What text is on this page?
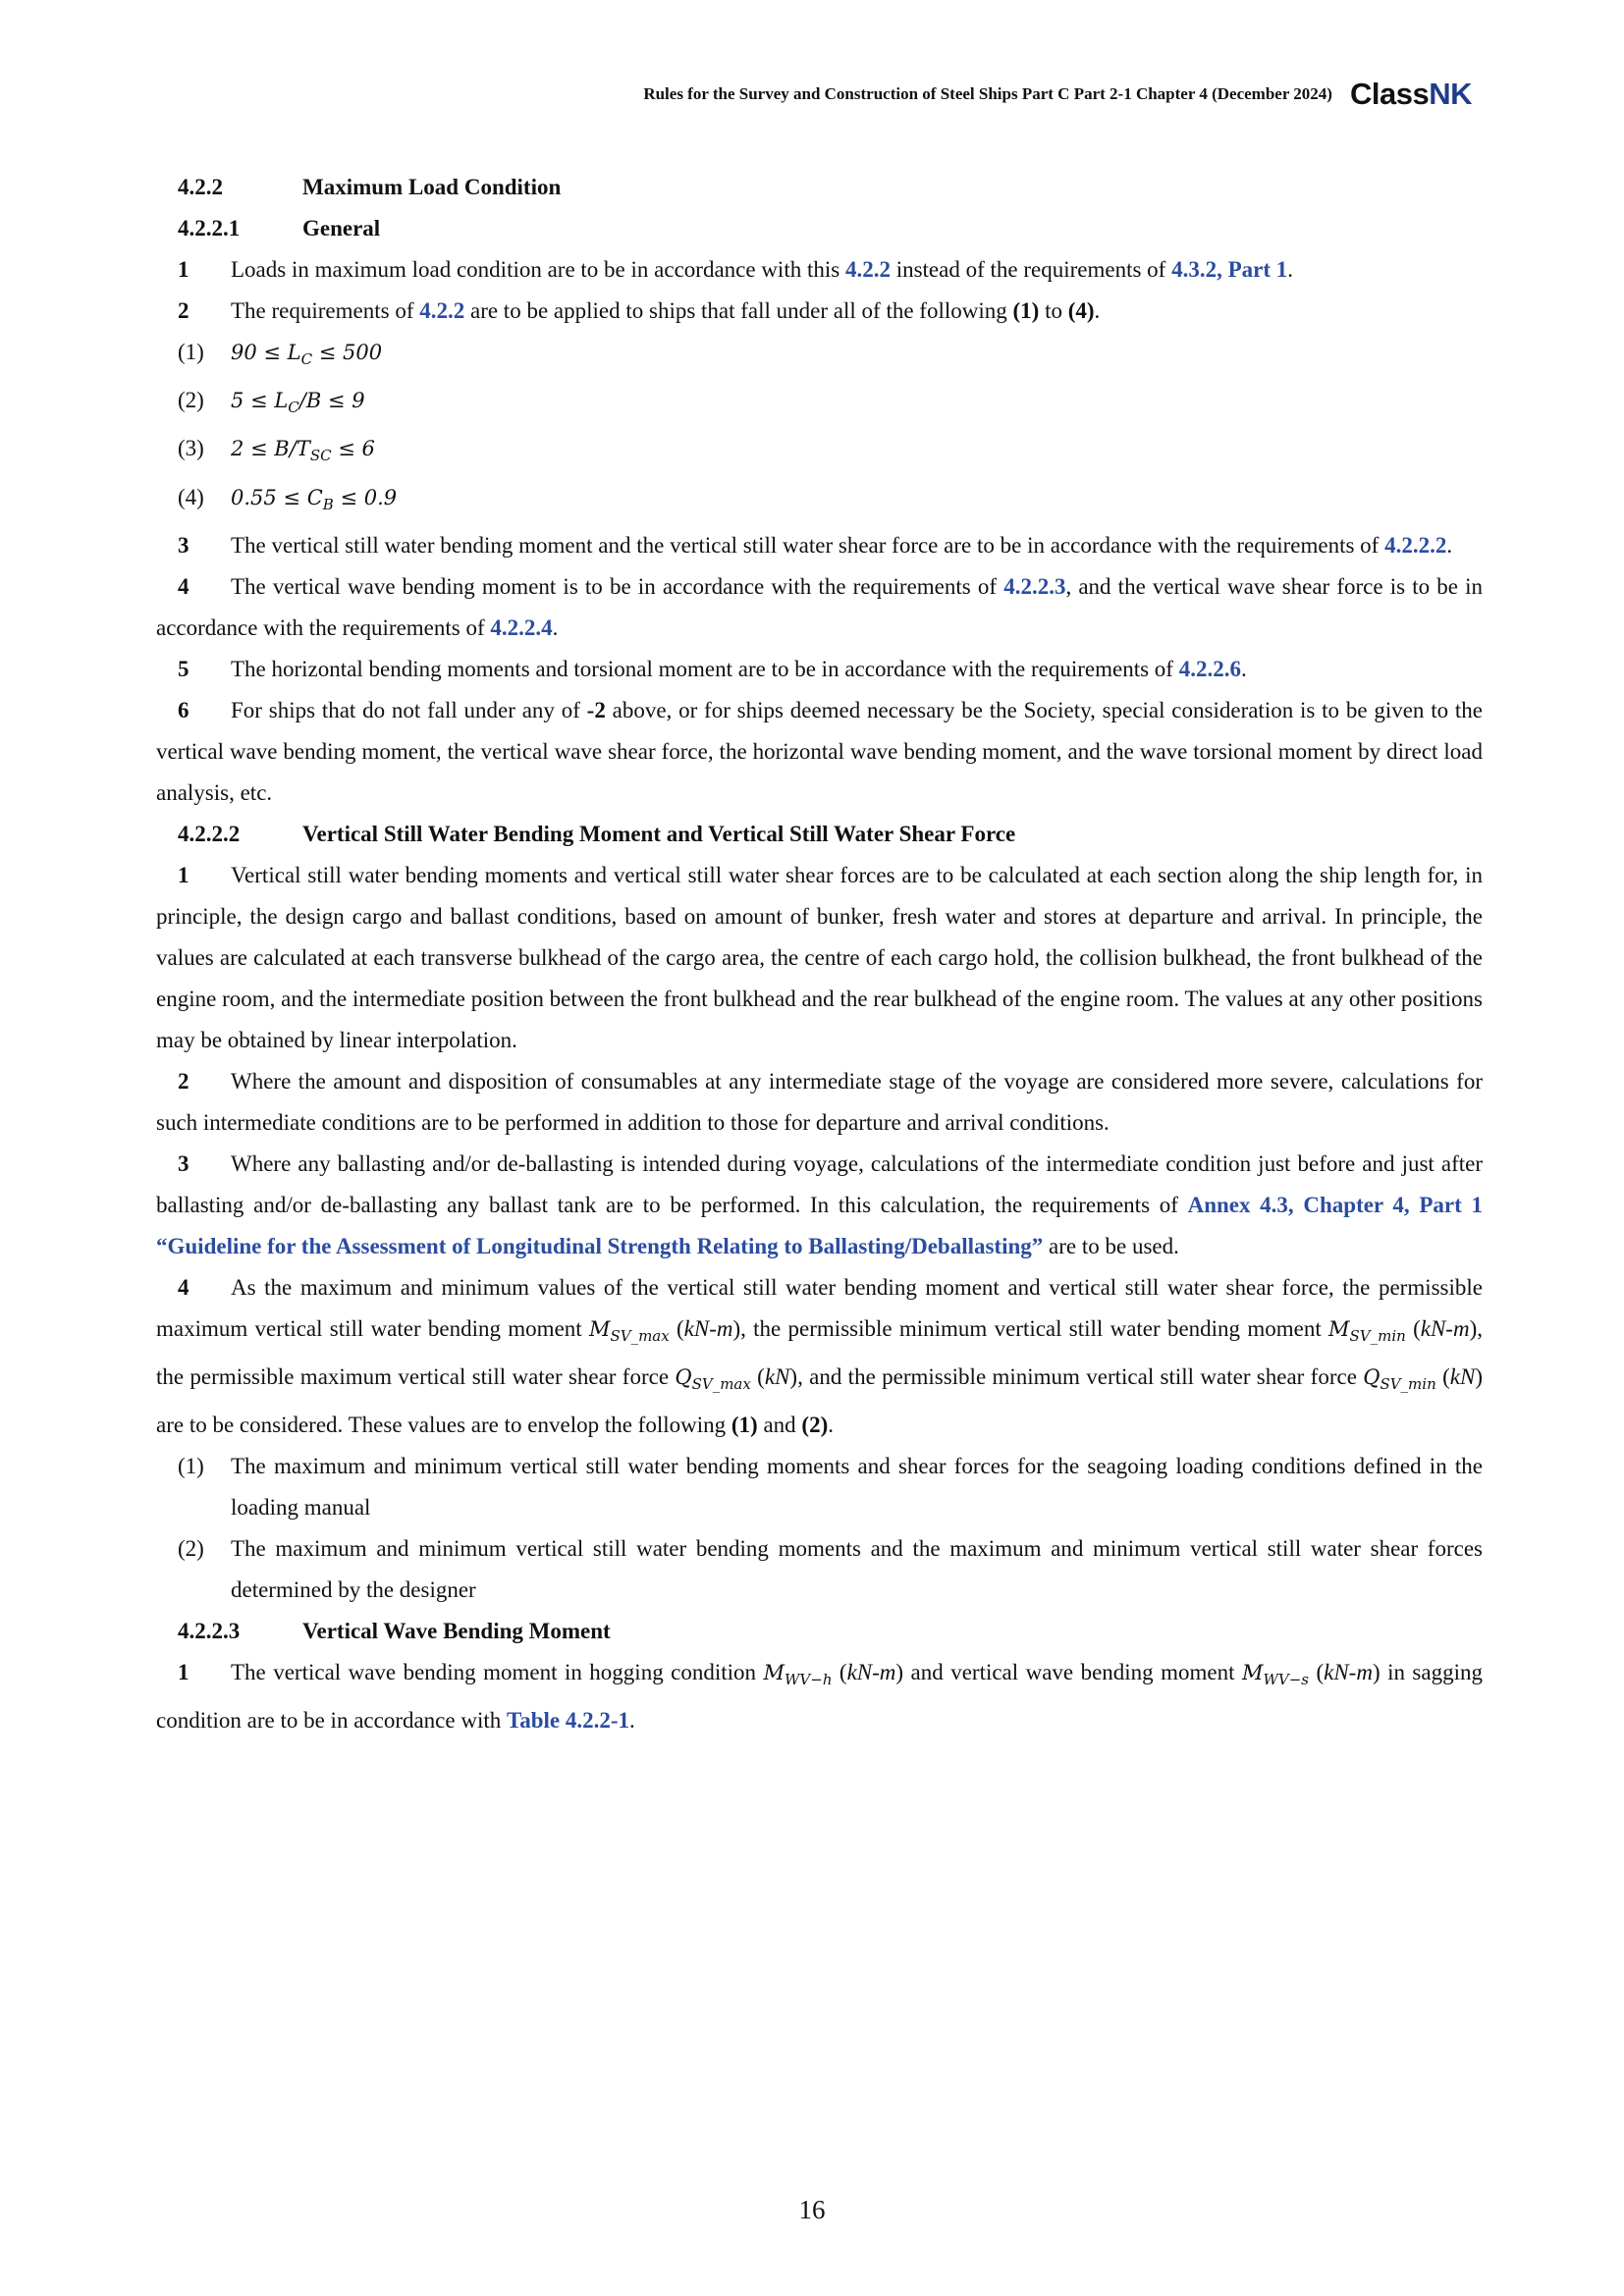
Rules for the Survey and Construction of Steel Ships Part C Part 2-1 Chapter 4 (December 2024) ClassNK

4.2.2	Maximum Load Condition

4.2.2.1	General

1 Loads in maximum load condition are to be in accordance with this 4.2.2 instead of the requirements of 4.3.2, Part 1.

2 The requirements of 4.2.2 are to be applied to ships that fall under all of the following (1) to (4).

(1) $90 \le L_C \le 500$

(2) $5 \le L_C/B \le 9$

(3) $2 \le B/T_{SC} \le 6$

(4) $0.55 \le C_B \le 0.9$

3 The vertical still water bending moment and the vertical still water shear force are to be in accordance with the requirements of 4.2.2.2.

4 The vertical wave bending moment is to be in accordance with the requirements of 4.2.2.3, and the vertical wave shear force is to be in accordance with the requirements of 4.2.2.4.

5 The horizontal bending moments and torsional moment are to be in accordance with the requirements of 4.2.2.6.

6 For ships that do not fall under any of -2 above, or for ships deemed necessary be the Society, special consideration is to be given to the vertical wave bending moment, the vertical wave shear force, the horizontal wave bending moment, and the wave torsional moment by direct load analysis, etc.

4.2.2.2	Vertical Still Water Bending Moment and Vertical Still Water Shear Force

1 Vertical still water bending moments and vertical still water shear forces are to be calculated at each section along the ship length for, in principle, the design cargo and ballast conditions, based on amount of bunker, fresh water and stores at departure and arrival. In principle, the values are calculated at each transverse bulkhead of the cargo area, the centre of each cargo hold, the collision bulkhead, the front bulkhead of the engine room, and the intermediate position between the front bulkhead and the rear bulkhead of the engine room. The values at any other positions may be obtained by linear interpolation.

2 Where the amount and disposition of consumables at any intermediate stage of the voyage are considered more severe, calculations for such intermediate conditions are to be performed in addition to those for departure and arrival conditions.

3 Where any ballasting and/or de-ballasting is intended during voyage, calculations of the intermediate condition just before and just after ballasting and/or de-ballasting any ballast tank are to be performed. In this calculation, the requirements of Annex 4.3, Chapter 4, Part 1 “Guideline for the Assessment of Longitudinal Strength Relating to Ballasting/Deballasting” are to be used.

4 As the maximum and minimum values of the vertical still water bending moment and vertical still water shear force, the permissible maximum vertical still water bending moment $M_{SV\_max}$ (kN-m), the permissible minimum vertical still water bending moment $M_{SV\_min}$ (kN-m), the permissible maximum vertical still water shear force $Q_{SV\_max}$ (kN), and the permissible minimum vertical still water shear force $Q_{SV\_min}$ (kN) are to be considered. These values are to envelop the following (1) and (2).

(1)	The maximum and minimum vertical still water bending moments and shear forces for the seagoing loading conditions defined in the loading manual

(2)	The maximum and minimum vertical still water bending moments and the maximum and minimum vertical still water shear forces determined by the designer

4.2.2.3	Vertical Wave Bending Moment

1 The vertical wave bending moment in hogging condition $M_{WV-h}$ (kN-m) and vertical wave bending moment $M_{WV-s}$ (kN-m) in sagging condition are to be in accordance with Table 4.2.2-1.

16
